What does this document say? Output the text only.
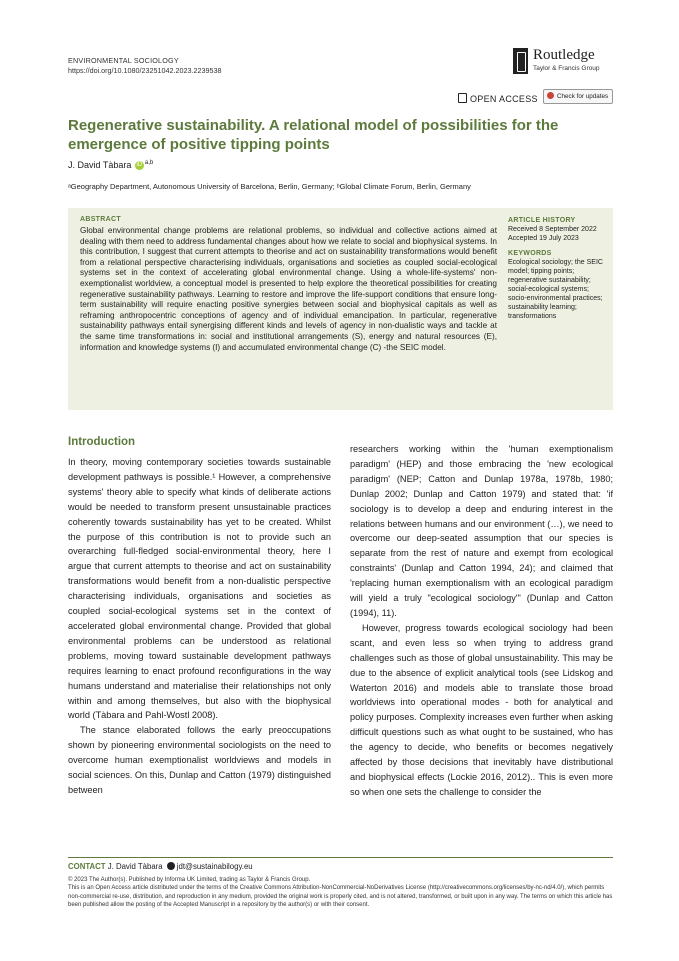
ENVIRONMENTAL SOCIOLOGY
https://doi.org/10.1080/23251042.2023.2239538
Routledge
Taylor & Francis Group
OPEN ACCESS	Check for updates
Regenerative sustainability. A relational model of possibilities for the emergence of positive tipping points
J. David Tàbara iD $^{a,b}$
ᵃGeography Department, Autonomous University of Barcelona, Berlin, Germany; ᵇGlobal Climate Forum, Berlin, Germany
ABSTRACT
Global environmental change problems are relational problems, so individual and collective actions aimed at dealing with them need to address fundamental changes about how we relate to social and biophysical systems. In this contribution, I suggest that current attempts to theorise and act on sustainability transformations would benefit from a relational perspective characterising individuals, organisations and societies as coupled social-ecological systems set in the context of accelerating global environmental change. Using a whole-life-systems' non-exemptionalist worldview, a conceptual model is presented to help explore the theoretical possibilities for creating regenerative sustainability pathways. Learning to restore and improve the life-support conditions that ensure long-term sustainability will require enacting positive synergies between social and biophysical capitals as well as reframing anthropocentric conceptions of agency and of individual emancipation. In particular, regenerative sustainability pathways entail synergising different kinds and levels of agency in non-dualistic ways and tackle at the same time transformations in: social and institutional arrangements (S), energy and natural resources (E), information and knowledge systems (I) and accumulated environmental change (C) -the SEIC model.
ARTICLE HISTORY

Received 8 September 2022

Accepted 19 July 2023

KEYWORDS

Ecological sociology; the SEIC model; tipping points; regenerative sustainability; social-ecological systems; socio-environmental practices; sustainability learning; transformations

Introduction

In theory, moving contemporary societies towards sustainable development pathways is possible.¹ However, a comprehensive systems' theory able to specify what kinds of deliberate actions would be needed to transform present unsustainable practices coherently towards sustainability has yet to be created. Whilst the purpose of this contribution is not to provide such an overarching full-fledged social-environmental theory, here I argue that current attempts to theorise and act on sustainability transformations would benefit from a non-dualistic perspective characterising individuals, organisations and societies as coupled social-ecological systems set in the context of accelerated global environmental change. Provided that global environmental problems can be understood as relational problems, moving toward sustainable development pathways requires learning to enact profound reconfigurations in the way humans understand and materialise their relationships not only within and among themselves, but also with the biophysical world (Tàbara and Pahl-Wostl 2008).

The stance elaborated follows the early preoccupations shown by pioneering environmental sociologists on the need to overcome human exemptionalist worldviews and models in social sciences. On this, Dunlap and Catton (1979) distinguished between

researchers working within the 'human exemptionalism paradigm' (HEP) and those embracing the 'new ecological paradigm' (NEP; Catton and Dunlap 1978a, 1978b, 1980; Dunlap 2002; Dunlap and Catton 1979) and stated that: 'if sociology is to develop a deep and enduring interest in the relations between humans and our environment (…), we need to overcome our deep-seated assumption that our species is separate from the rest of nature and exempt from ecological constraints' (Dunlap and Catton 1994, 24); and claimed that 'replacing human exemptionalism with an ecological paradigm will yield a truly "ecological sociology"' (Dunlap and Catton (1994), 11).

However, progress towards ecological sociology had been scant, and even less so when trying to address grand challenges such as those of global unsustainability. This may be due to the absence of explicit analytical tools (see Lidskog and Waterton 2016) and models able to translate those broad worldviews into operational modes - both for analytical and policy purposes. Complexity increases even further when asking difficult questions such as what ought to be sustained, who has the agency to decide, who benefits or becomes negatively affected by those decisions that inevitably have distributional and biophysical effects (Lockie 2016, 2012).. This is even more so when one sets the challenge to consider the

CONTACT J. David Tàbara jdt@sustainabilogy.eu

© 2023 The Author(s). Published by Informa UK Limited, trading as Taylor & Francis Group.

This is an Open Access article distributed under the terms of the Creative Commons Attribution-NonCommercial-NoDerivatives License (http://creativecommons.org/licenses/by-nc-nd/4.0/), which permits non-commercial re-use, distribution, and reproduction in any medium, provided the original work is properly cited, and is not altered, transformed, or built upon in any way. The terms on which this article has been published allow the posting of the Accepted Manuscript in a repository by the author(s) or with their consent.
